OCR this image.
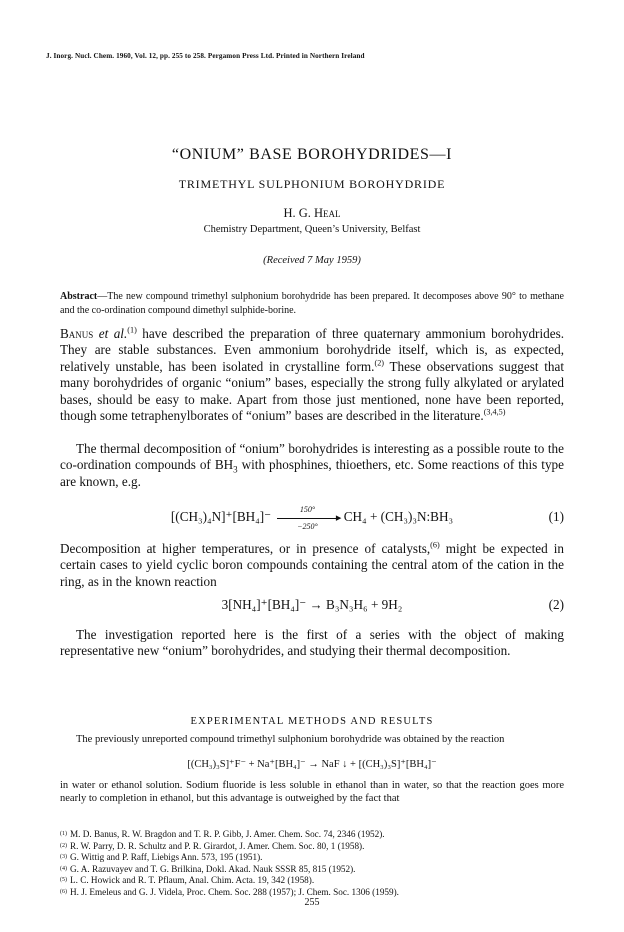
J. Inorg. Nucl. Chem. 1960, Vol. 12, pp. 255 to 258. Pergamon Press Ltd. Printed in Northern Ireland
“ONIUM” BASE BOROHYDRIDES—I
TRIMETHYL SULPHONIUM BOROHYDRIDE
H. G. Heal
Chemistry Department, Queen’s University, Belfast
(Received 7 May 1959)
Abstract—The new compound trimethyl sulphonium borohydride has been prepared. It decomposes above 90° to methane and the co-ordination compound dimethyl sulphide-borine.

Banus et al.$^{(1)}$ have described the preparation of three quaternary ammonium borohydrides. They are stable substances. Even ammonium borohydride itself, which is, as expected, relatively unstable, has been isolated in crystalline form.$^{(2)}$ These observations suggest that many borohydrides of organic “onium” bases, especially the strong fully alkylated or arylated bases, should be easy to make. Apart from those just mentioned, none have been reported, though some tetraphenylborates of “onium” bases are described in the literature.$^{(3,4,5)}$

The thermal decomposition of “onium” borohydrides is interesting as a possible route to the co-ordination compounds of $BH_3$ with phosphines, thioethers, etc. Some reactions of this type are known, e.g.

[(CH₃)₄N]⁺[BH₄]⁻	150°
▸
−250°
CH₄ + (CH₃)₃N:BH₃	(1)

Decomposition at higher temperatures, or in presence of catalysts,$^{(6)}$ might be expected in certain cases to yield cyclic boron compounds containing the central atom of the cation in the ring, as in the known reaction

3[NH₄]⁺[BH₄]⁻ → B₃N₃H₆ + 9H₂	(2)

The investigation reported here is the first of a series with the object of making representative new “onium” borohydrides, and studying their thermal decomposition.

EXPERIMENTAL METHODS AND RESULTS

The previously unreported compound trimethyl sulphonium borohydride was obtained by the reaction

[(CH₃)₃S]⁺F⁻ + Na⁺[BH₄]⁻ → NaF ↓ + [(CH₃)₃S]⁺[BH₄]⁻

in water or ethanol solution. Sodium fluoride is less soluble in ethanol than in water, so that the reaction goes more nearly to completion in ethanol, but this advantage is outweighed by the fact that

$^{(1)}$ M. D. Banus, R. W. Bragdon and T. R. P. Gibb, J. Amer. Chem. Soc. 74, 2346 (1952).
$^{(2)}$ R. W. Parry, D. R. Schultz and P. R. Girardot, J. Amer. Chem. Soc. 80, 1 (1958).
$^{(3)}$ G. Wittig and P. Raff, Liebigs Ann. 573, 195 (1951).
$^{(4)}$ G. A. Razuvayev and T. G. Brilkina, Dokl. Akad. Nauk SSSR 85, 815 (1952).
$^{(5)}$ L. C. Howick and R. T. Pflaum, Anal. Chim. Acta. 19, 342 (1958).
$^{(6)}$ H. J. Emeleus and G. J. Videla, Proc. Chem. Soc. 288 (1957); J. Chem. Soc. 1306 (1959).
255
